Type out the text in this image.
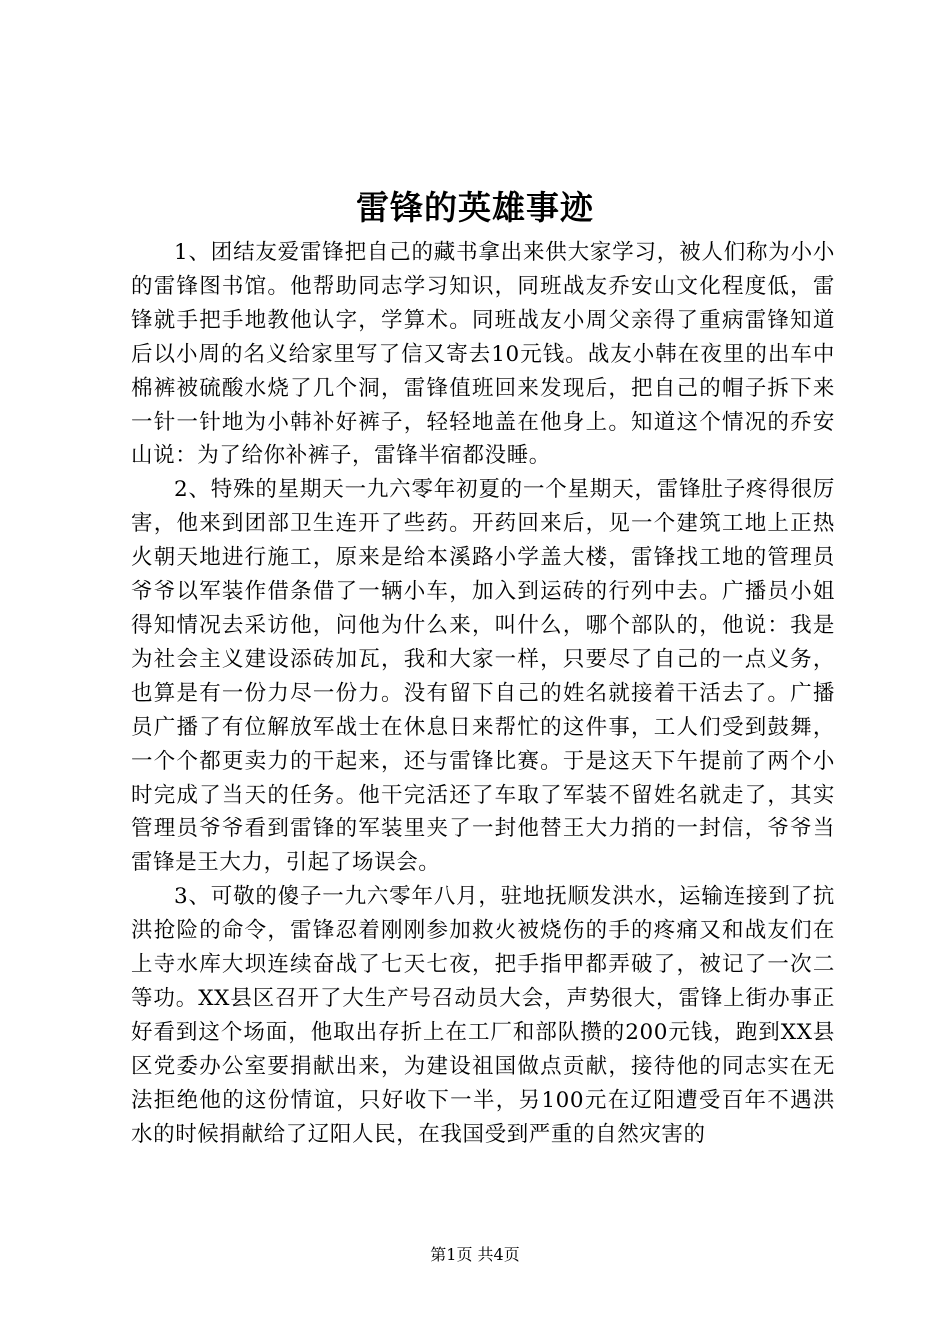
雷锋的英雄事迹

1、团结友爱雷锋把自己的藏书拿出来供大家学习，被人们称为小小的雷锋图书馆。他帮助同志学习知识，同班战友乔安山文化程度低，雷锋就手把手地教他认字，学算术。同班战友小周父亲得了重病雷锋知道后以小周的名义给家里写了信又寄去10元钱。战友小韩在夜里的出车中棉裤被硫酸水烧了几个洞，雷锋值班回来发现后，把自己的帽子拆下来一针一针地为小韩补好裤子，轻轻地盖在他身上。知道这个情况的乔安山说：为了给你补裤子，雷锋半宿都没睡。

2、特殊的星期天一九六零年初夏的一个星期天，雷锋肚子疼得很厉害，他来到团部卫生连开了些药。开药回来后，见一个建筑工地上正热火朝天地进行施工，原来是给本溪路小学盖大楼，雷锋找工地的管理员爷爷以军装作借条借了一辆小车，加入到运砖的行列中去。广播员小姐得知情况去采访他，问他为什么来，叫什么，哪个部队的，他说：我是为社会主义建设添砖加瓦，我和大家一样，只要尽了自己的一点义务，也算是有一份力尽一份力。没有留下自己的姓名就接着干活去了。广播员广播了有位解放军战士在休息日来帮忙的这件事，工人们受到鼓舞，一个个都更卖力的干起来，还与雷锋比赛。于是这天下午提前了两个小时完成了当天的任务。他干完活还了车取了军装不留姓名就走了，其实管理员爷爷看到雷锋的军装里夹了一封他替王大力捎的一封信，爷爷当雷锋是王大力，引起了场误会。

3、可敬的傻子一九六零年八月，驻地抚顺发洪水，运输连接到了抗洪抢险的命令，雷锋忍着刚刚参加救火被烧伤的手的疼痛又和战友们在上寺水库大坝连续奋战了七天七夜，把手指甲都弄破了，被记了一次二等功。XX县区召开了大生产号召动员大会，声势很大，雷锋上街办事正好看到这个场面，他取出存折上在工厂和部队攒的200元钱，跑到XX县区党委办公室要捐献出来，为建设祖国做点贡献，接待他的同志实在无法拒绝他的这份情谊，只好收下一半，另100元在辽阳遭受百年不遇洪水的时候捐献给了辽阳人民，在我国受到严重的自然灾害的

第1页 共4页
